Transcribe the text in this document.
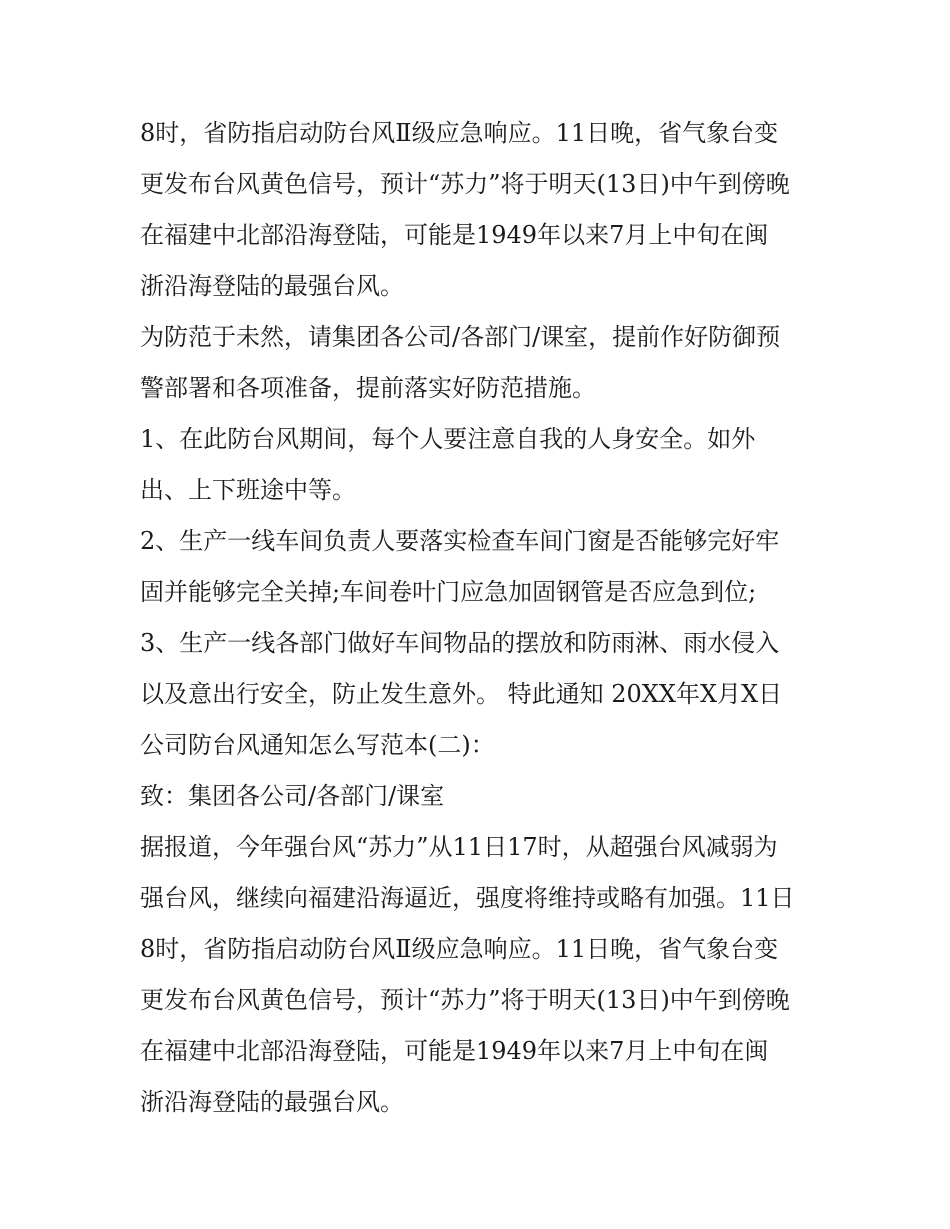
8时，省防指启动防台风Ⅱ级应急响应。11日晚，省气象台变
更发布台风黄色信号，预计“苏力”将于明天(13日)中午到傍晚
在福建中北部沿海登陆，可能是1949年以来7月上中旬在闽
浙沿海登陆的最强台风。
为防范于未然，请集团各公司/各部门/课室，提前作好防御预
警部署和各项准备，提前落实好防范措施。
1、在此防台风期间，每个人要注意自我的人身安全。如外
出、上下班途中等。
2、生产一线车间负责人要落实检查车间门窗是否能够完好牢
固并能够完全关掉;车间卷叶门应急加固钢管是否应急到位;
3、生产一线各部门做好车间物品的摆放和防雨淋、雨水侵入
以及意出行安全，防止发生意外。 特此通知 20XX年X月X日
公司防台风通知怎么写范本(二)：
致：集团各公司/各部门/课室
据报道，今年强台风“苏力”从11日17时，从超强台风减弱为
强台风，继续向福建沿海逼近，强度将维持或略有加强。11日
8时，省防指启动防台风Ⅱ级应急响应。11日晚，省气象台变
更发布台风黄色信号，预计“苏力”将于明天(13日)中午到傍晚
在福建中北部沿海登陆，可能是1949年以来7月上中旬在闽
浙沿海登陆的最强台风。
